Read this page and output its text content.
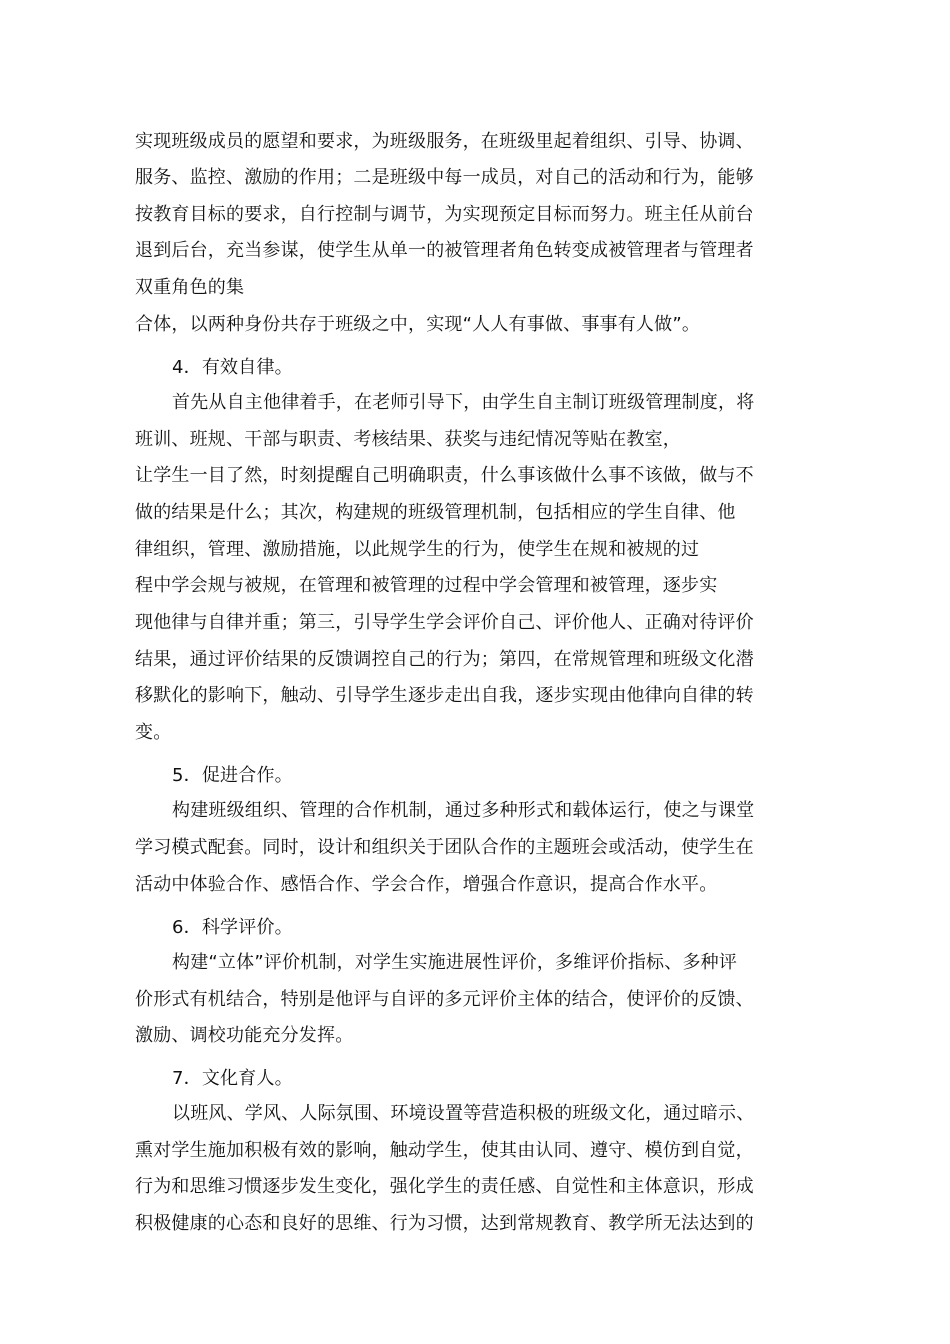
实现班级成员的愿望和要求，为班级服务，在班级里起着组织、引导、协调、
服务、监控、激励的作用；二是班级中每一成员，对自己的活动和行为，能够
按教育目标的要求，自行控制与调节，为实现预定目标而努力。班主任从前台
退到后台，充当参谋，使学生从单一的被管理者角色转变成被管理者与管理者
双重角色的集
合体，以两种身份共存于班级之中，实现“人人有事做、事事有人做”。
4．有效自律。
首先从自主他律着手，在老师引导下，由学生自主制订班级管理制度，将
班训、班规、干部与职责、考核结果、获奖与违纪情况等贴在教室，
让学生一目了然，时刻提醒自己明确职责，什么事该做什么事不该做，做与不
做的结果是什么；其次，构建规的班级管理机制，包括相应的学生自律、他
律组织，管理、激励措施，以此规学生的行为，使学生在规和被规的过
程中学会规与被规，在管理和被管理的过程中学会管理和被管理，逐步实
现他律与自律并重；第三，引导学生学会评价自己、评价他人、正确对待评价
结果，通过评价结果的反馈调控自己的行为；第四，在常规管理和班级文化潜
移默化的影响下，触动、引导学生逐步走出自我，逐步实现由他律向自律的转
变。
5．促进合作。
构建班级组织、管理的合作机制，通过多种形式和载体运行，使之与课堂
学习模式配套。同时，设计和组织关于团队合作的主题班会或活动，使学生在
活动中体验合作、感悟合作、学会合作，增强合作意识，提高合作水平。
6．科学评价。
构建“立体”评价机制，对学生实施进展性评价，多维评价指标、多种评
价形式有机结合，特别是他评与自评的多元评价主体的结合，使评价的反馈、
激励、调校功能充分发挥。
7．文化育人。
以班风、学风、人际氛围、环境设置等营造积极的班级文化，通过暗示、
熏对学生施加积极有效的影响，触动学生，使其由认同、遵守、模仿到自觉，
行为和思维习惯逐步发生变化，强化学生的责任感、自觉性和主体意识，形成
积极健康的心态和良好的思维、行为习惯，达到常规教育、教学所无法达到的
